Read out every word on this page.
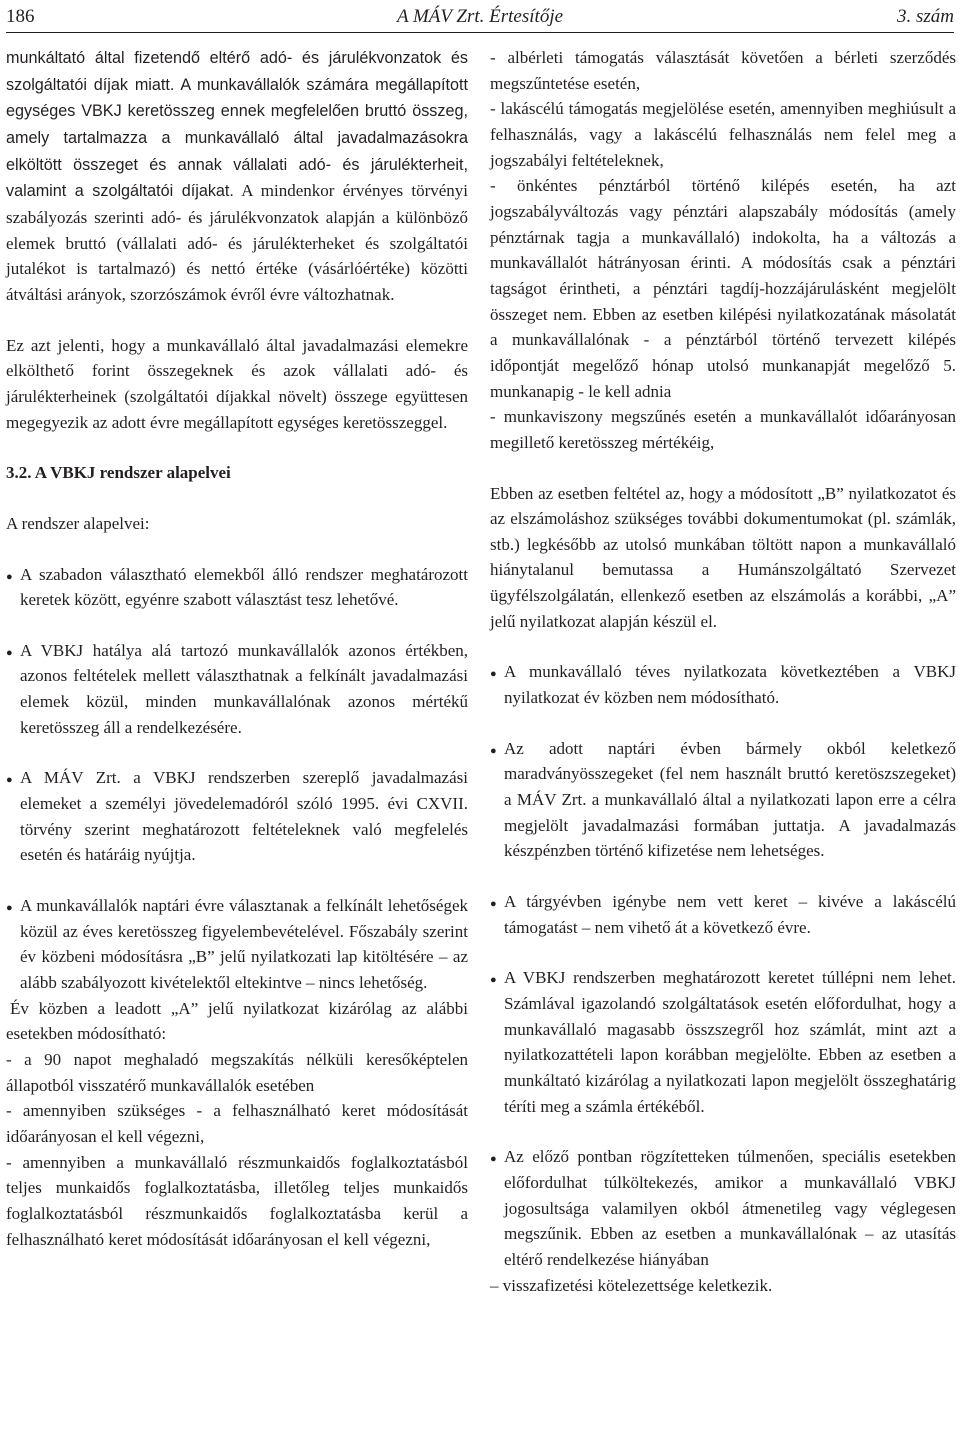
186	A MÁV Zrt. Értesítője	3. szám

munkáltató által fizetendő eltérő adó- és járulékvonzatok és szolgáltatói díjak miatt. A munkavállalók számára megállapított egységes VBKJ keretösszeg ennek megfelelően bruttó összeg, amely tartalmazza a munkavállaló által javadalmazásokra elköltött összeget és annak vállalati adó- és járulékterheit, valamint a szolgáltatói díjakat. A mindenkor érvényes törvényi szabályozás szerinti adó- és járulékvonzatok alapján a különböző elemek bruttó (vállalati adó- és járulékterheket és szolgáltatói jutalékot is tartalmazó) és nettó értéke (vásárlóértéke) közötti átváltási arányok, szorzószámok évről évre változhatnak.

Ez azt jelenti, hogy a munkavállaló által javadalmazási elemekre elkölthető forint összegeknek és azok vállalati adó- és járulékterheinek (szolgáltatói díjakkal növelt) összege együttesen megegyezik az adott évre megállapított egységes keretösszeggel.

3.2. A VBKJ rendszer alapelvei

A rendszer alapelvei:

●
A szabadon választható elemekből álló rendszer meghatározott keretek között, egyénre szabott választást tesz lehetővé.
●
A VBKJ hatálya alá tartozó munkavállalók azonos értékben, azonos feltételek mellett választhatnak a felkínált javadalmazási elemek közül, minden munkavállalónak azonos mértékű keretösszeg áll a rendelkezésére.
●
A MÁV Zrt. a VBKJ rendszerben szereplő javadalmazási elemeket a személyi jövedelemadóról szóló 1995. évi CXVII. törvény szerint meghatározott feltételeknek való megfelelés esetén és határáig nyújtja.
●
A munkavállalók naptári évre választanak a felkínált lehetőségek közül az éves keretösszeg figyelembevételével. Főszabály szerint év közbeni módosításra „B” jelű nyilatkozati lap kitöltésére – az alább szabályozott kivételektől eltekintve – nincs lehetőség.

Év közben a leadott „A” jelű nyilatkozat kizárólag az alábbi esetekben módosítható:

- a 90 napot meghaladó megszakítás nélküli keresőképtelen állapotból visszatérő munkavállalók esetében

- amennyiben szükséges - a felhasználható keret módosítását időarányosan el kell végezni,

- amennyiben a munkavállaló részmunkaidős foglalkoztatásból teljes munkaidős foglalkoztatásba, illetőleg teljes munkaidős foglalkoztatásból részmunkaidős foglalkoztatásba kerül a felhasználható keret módosítását időarányosan el kell végezni,

- albérleti támogatás választását követően a bérleti szerződés megszűntetése esetén,

- lakáscélú támogatás megjelölése esetén, amennyiben meghiúsult a felhasználás, vagy a lakáscélú felhasználás nem felel meg a jogszabályi feltételeknek,

- önkéntes pénztárból történő kilépés esetén, ha azt jogszabályváltozás vagy pénztári alapszabály módosítás (amely pénztárnak tagja a munkavállaló) indokolta, ha a változás a munkavállalót hátrányosan érinti. A módosítás csak a pénztári tagságot érintheti, a pénztári tagdíj-hozzájárulásként megjelölt összeget nem. Ebben az esetben kilépési nyilatkozatának másolatát a munkavállalónak - a pénztárból történő tervezett kilépés időpontját megelőző hónap utolsó munkanapját megelőző 5. munkanapig - le kell adnia

- munkaviszony megszűnés esetén a munkavállalót időarányosan megillető keretösszeg mértékéig,

Ebben az esetben feltétel az, hogy a módosított „B” nyilatkozatot és az elszámoláshoz szükséges további dokumentumokat (pl. számlák, stb.) legkésőbb az utolsó munkában töltött napon a munkavállaló hiánytalanul bemutassa a Humánszolgáltató Szervezet ügyfélszolgálatán, ellenkező esetben az elszámolás a korábbi, „A” jelű nyilatkozat alapján készül el.

●
A munkavállaló téves nyilatkozata következtében a VBKJ nyilatkozat év közben nem módosítható.
●
Az adott naptári évben bármely okból keletkező maradványösszegeket (fel nem használt bruttó keretöszszegeket) a MÁV Zrt. a munkavállaló által a nyilatkozati lapon erre a célra megjelölt javadalmazási formában juttatja. A javadalmazás készpénzben történő kifizetése nem lehetséges.
●
A tárgyévben igénybe nem vett keret – kivéve a lakáscélú támogatást – nem vihető át a következő évre.
●
A VBKJ rendszerben meghatározott keretet túllépni nem lehet. Számlával igazolandó szolgáltatások esetén előfordulhat, hogy a munkavállaló magasabb összszegről hoz számlát, mint azt a nyilatkozattételi lapon korábban megjelölte. Ebben az esetben a munkáltató kizárólag a nyilatkozati lapon megjelölt összeghatárig téríti meg a számla értékéből.
●
Az előző pontban rögzítetteken túlmenően, speciális esetekben előfordulhat túlköltekezés, amikor a munkavállaló VBKJ jogosultsága valamilyen okból átmenetileg vagy véglegesen megszűnik. Ebben az esetben a munkavállalónak – az utasítás eltérő rendelkezése hiányában

– visszafizetési kötelezettsége keletkezik.
